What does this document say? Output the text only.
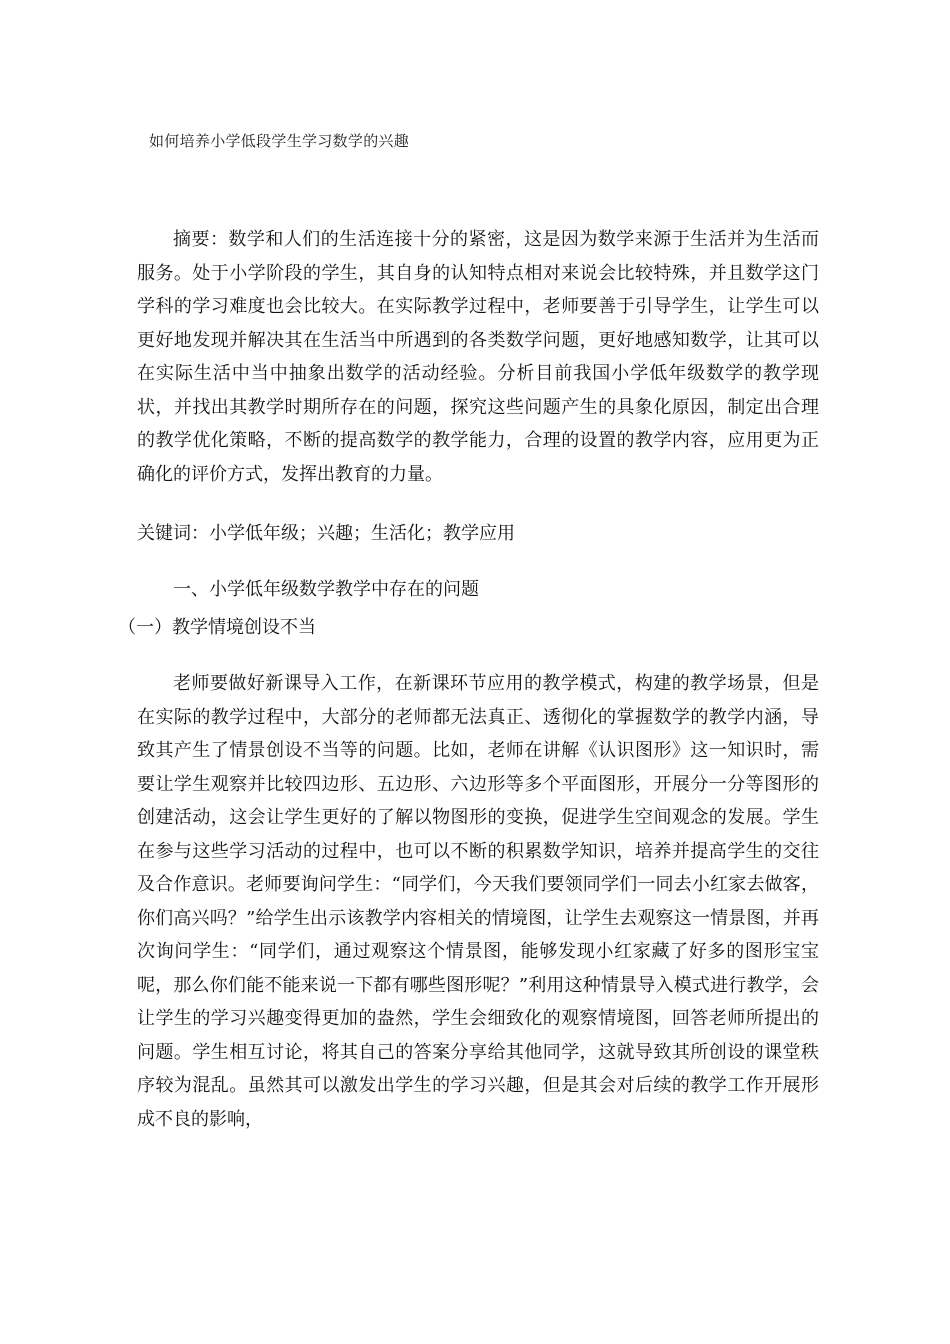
如何培养小学低段学生学习数学的兴趣

摘要：数学和人们的生活连接十分的紧密，这是因为数学来源于生活并为生活而服务。处于小学阶段的学生，其自身的认知特点相对来说会比较特殊，并且数学这门学科的学习难度也会比较大。在实际教学过程中，老师要善于引导学生，让学生可以更好地发现并解决其在生活当中所遇到的各类数学问题，更好地感知数学，让其可以在实际生活中当中抽象出数学的活动经验。分析目前我国小学低年级数学的教学现状，并找出其教学时期所存在的问题，探究这些问题产生的具象化原因，制定出合理的教学优化策略，不断的提高数学的教学能力，合理的设置的教学内容，应用更为正确化的评价方式，发挥出教育的力量。

关键词：小学低年级；兴趣；生活化；教学应用
一、小学低年级数学教学中存在的问题
（一）教学情境创设不当

老师要做好新课导入工作，在新课环节应用的教学模式，构建的教学场景，但是在实际的教学过程中，大部分的老师都无法真正、透彻化的掌握数学的教学内涵，导致其产生了情景创设不当等的问题。比如，老师在讲解《认识图形》这一知识时，需要让学生观察并比较四边形、五边形、六边形等多个平面图形，开展分一分等图形的创建活动，这会让学生更好的了解以物图形的变换，促进学生空间观念的发展。学生在参与这些学习活动的过程中，也可以不断的积累数学知识，培养并提高学生的交往及合作意识。老师要询问学生：“同学们，今天我们要领同学们一同去小红家去做客，你们高兴吗？”给学生出示该教学内容相关的情境图，让学生去观察这一情景图，并再次询问学生：“同学们，通过观察这个情景图，能够发现小红家藏了好多的图形宝宝呢，那么你们能不能来说一下都有哪些图形呢？”利用这种情景导入模式进行教学，会让学生的学习兴趣变得更加的盎然，学生会细致化的观察情境图，回答老师所提出的问题。学生相互讨论，将其自己的答案分享给其他同学，这就导致其所创设的课堂秩序较为混乱。虽然其可以激发出学生的学习兴趣，但是其会对后续的教学工作开展形成不良的影响，
